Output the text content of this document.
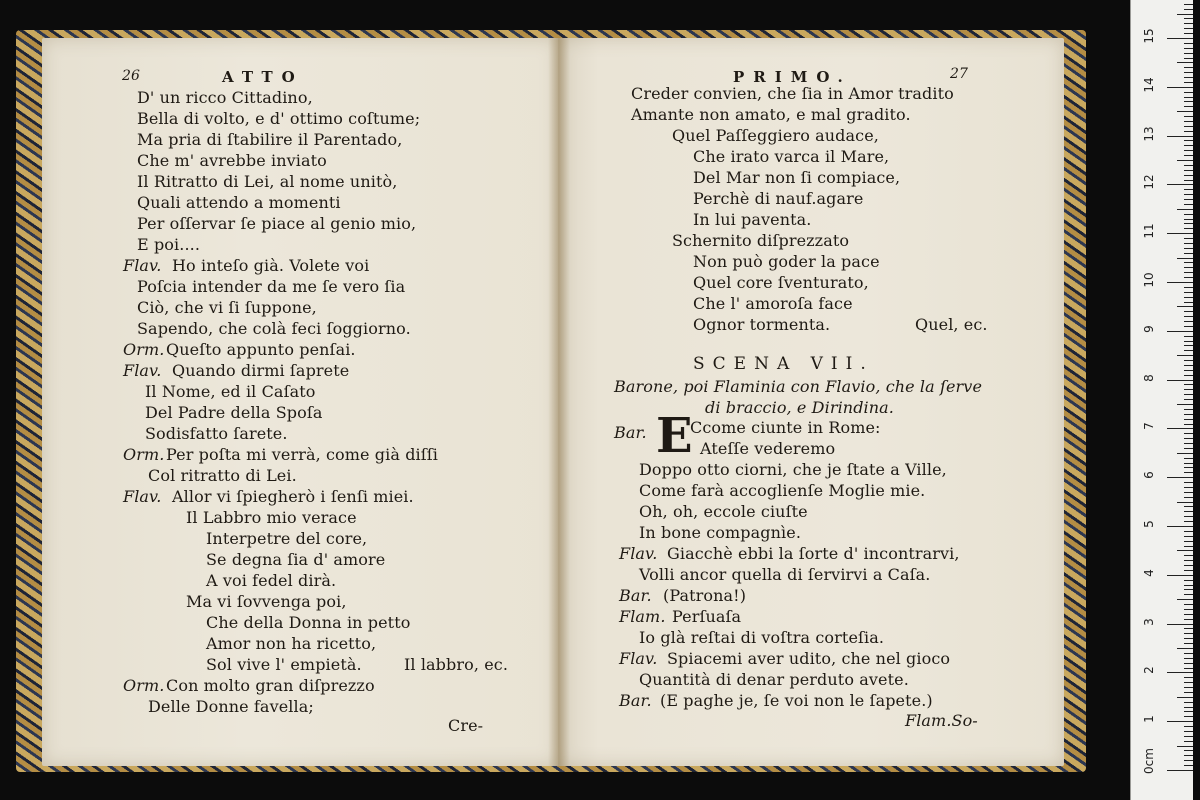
26	ATTO
D' un ricco Cittadino,
Bella di volto, e d' ottimo coſtume;
Ma pria di ſtabilire il Parentado,
Che m' avrebbe inviato
Il Ritratto di Lei, al nome unitò,
Quali attendo a momenti
Per oſſervar ſe piace al genio mio,
E poi....
Flav. Ho inteſo già. Volete voi
Poſcia intender da me ſe vero ſia
Ciò, che vi ſi ſuppone,
Sapendo, che colà feci ſoggiorno.
Orm. Queſto appunto penſai.
Flav. Quando dirmi ſaprete
Il Nome, ed il Caſato
Del Padre della Spoſa
Sodisfatto ſarete.
Orm. Per poſta mi verrà, come già diſſi
Col ritratto di Lei.
Flav. Allor vi ſpiegherò i ſenſi miei.
Il Labbro mio verace
Interpetre del core,
Se degna ſia d' amore
A voi fedel dirà.
Ma vi ſovvenga poi,
Che della Donna in petto
Amor non ha ricetto,
Sol vive l' empietà.	Il labbro, ec.
Orm. Con molto gran diſprezzo
Delle Donne favella;
Cre-
PRIMO.	27
Creder convien, che ſia in Amor tradito
Amante non amato, e mal gradito.
Quel Paſſeggiero audace,
Che irato varca il Mare,
Del Mar non ſi compiace,
Perchè di nauf.agare
In lui paventa.
Schernito diſprezzato
Non può goder la pace
Quel core ſventurato,
Che l' amoroſa face
Ognor tormenta.	Quel, ec.
SCENA VII.
Barone, poi Flaminia con Flavio, che la ſerve
di braccio, e Dirindina.
Bar. E
Ccome ciunte in Rome:
Ateſſe vederemo
Doppo otto ciorni, che je ſtate a Ville,
Come farà accoglienſe Moglie mie.
Oh, oh, eccole ciuſte
In bone compagnìe.
Flav. Giacchè ebbi la ſorte d' incontrarvi,
Volli ancor quella di ſervirvi a Caſa.
Bar. (Patrona!)
Flam. Perſuaſa
Io glà reſtai di voſtra corteſia.
Flav. Spiacemi aver udito, che nel gioco
Quantità di denar perduto avete.
Bar. (E paghe je, ſe voi non le ſapete.)
Flam.So-
0cm
1
2
3
4
5
6
7
8
9
10
11
12
13
14
15
